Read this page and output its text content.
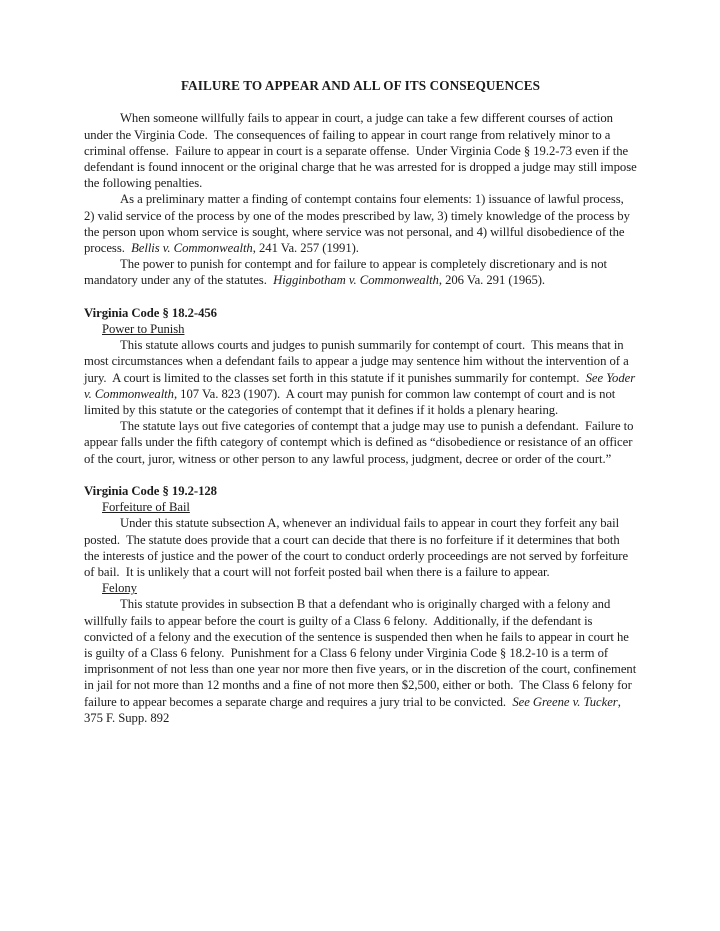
FAILURE TO APPEAR AND ALL OF ITS CONSEQUENCES

When someone willfully fails to appear in court, a judge can take a few different courses of action under the Virginia Code.  The consequences of failing to appear in court range from relatively minor to a criminal offense.  Failure to appear in court is a separate offense.  Under Virginia Code § 19.2-73 even if the defendant is found innocent or the original charge that he was arrested for is dropped a judge may still impose the following penalties.

As a preliminary matter a finding of contempt contains four elements: 1) issuance of lawful process, 2) valid service of the process by one of the modes prescribed by law, 3) timely knowledge of the process by the person upon whom service is sought, where service was not personal, and 4) willful disobedience of the process.  Bellis v. Commonwealth, 241 Va. 257 (1991).

The power to punish for contempt and for failure to appear is completely discretionary and is not mandatory under any of the statutes.  Higginbotham v. Commonwealth, 206 Va. 291 (1965).

Virginia Code § 18.2-456
Power to Punish

This statute allows courts and judges to punish summarily for contempt of court.  This means that in most circumstances when a defendant fails to appear a judge may sentence him without the intervention of a jury.  A court is limited to the classes set forth in this statute if it punishes summarily for contempt.  See Yoder v. Commonwealth, 107 Va. 823 (1907).  A court may punish for common law contempt of court and is not limited by this statute or the categories of contempt that it defines if it holds a plenary hearing.

The statute lays out five categories of contempt that a judge may use to punish a defendant.  Failure to appear falls under the fifth category of contempt which is defined as “disobedience or resistance of an officer of the court, juror, witness or other person to any lawful process, judgment, decree or order of the court.”

Virginia Code § 19.2-128
Forfeiture of Bail

Under this statute subsection A, whenever an individual fails to appear in court they forfeit any bail posted.  The statute does provide that a court can decide that there is no forfeiture if it determines that both the interests of justice and the power of the court to conduct orderly proceedings are not served by forfeiture of bail.  It is unlikely that a court will not forfeit posted bail when there is a failure to appear.

Felony

This statute provides in subsection B that a defendant who is originally charged with a felony and willfully fails to appear before the court is guilty of a Class 6 felony.  Additionally, if the defendant is convicted of a felony and the execution of the sentence is suspended then when he fails to appear in court he is guilty of a Class 6 felony.  Punishment for a Class 6 felony under Virginia Code § 18.2-10 is a term of imprisonment of not less than one year nor more then five years, or in the discretion of the court, confinement in jail for not more than 12 months and a fine of not more then $2,500, either or both.  The Class 6 felony for failure to appear becomes a separate charge and requires a jury trial to be convicted.  See Greene v. Tucker, 375 F. Supp. 892
